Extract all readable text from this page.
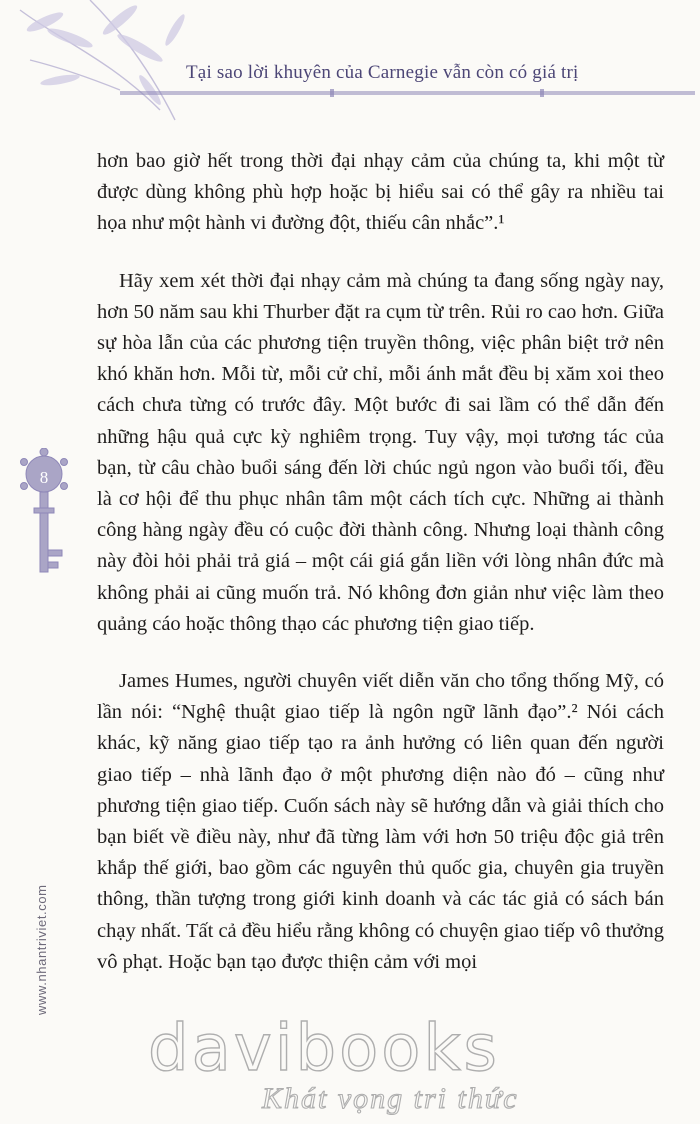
Tại sao lời khuyên của Carnegie vẫn còn có giá trị

hơn bao giờ hết trong thời đại nhạy cảm của chúng ta, khi một từ được dùng không phù hợp hoặc bị hiểu sai có thể gây ra nhiều tai họa như một hành vi đường đột, thiếu cân nhắc”.¹

Hãy xem xét thời đại nhạy cảm mà chúng ta đang sống ngày nay, hơn 50 năm sau khi Thurber đặt ra cụm từ trên. Rủi ro cao hơn. Giữa sự hòa lẫn của các phương tiện truyền thông, việc phân biệt trở nên khó khăn hơn. Mỗi từ, mỗi cử chỉ, mỗi ánh mắt đều bị xăm xoi theo cách chưa từng có trước đây. Một bước đi sai lầm có thể dẫn đến những hậu quả cực kỳ nghiêm trọng. Tuy vậy, mọi tương tác của bạn, từ câu chào buổi sáng đến lời chúc ngủ ngon vào buổi tối, đều là cơ hội để thu phục nhân tâm một cách tích cực. Những ai thành công hàng ngày đều có cuộc đời thành công. Nhưng loại thành công này đòi hỏi phải trả giá – một cái giá gắn liền với lòng nhân đức mà không phải ai cũng muốn trả. Nó không đơn giản như việc làm theo quảng cáo hoặc thông thạo các phương tiện giao tiếp.

James Humes, người chuyên viết diễn văn cho tổng thống Mỹ, có lần nói: “Nghệ thuật giao tiếp là ngôn ngữ lãnh đạo”.² Nói cách khác, kỹ năng giao tiếp tạo ra ảnh hưởng có liên quan đến người giao tiếp – nhà lãnh đạo ở một phương diện nào đó – cũng như phương tiện giao tiếp. Cuốn sách này sẽ hướng dẫn và giải thích cho bạn biết về điều này, như đã từng làm với hơn 50 triệu độc giả trên khắp thế giới, bao gồm các nguyên thủ quốc gia, chuyên gia truyền thông, thần tượng trong giới kinh doanh và các tác giả có sách bán chạy nhất. Tất cả đều hiểu rằng không có chuyện giao tiếp vô thưởng vô phạt. Hoặc bạn tạo được thiện cảm với mọi

8
www.nhantriviet.com
davibooks
Khát vọng tri thức
